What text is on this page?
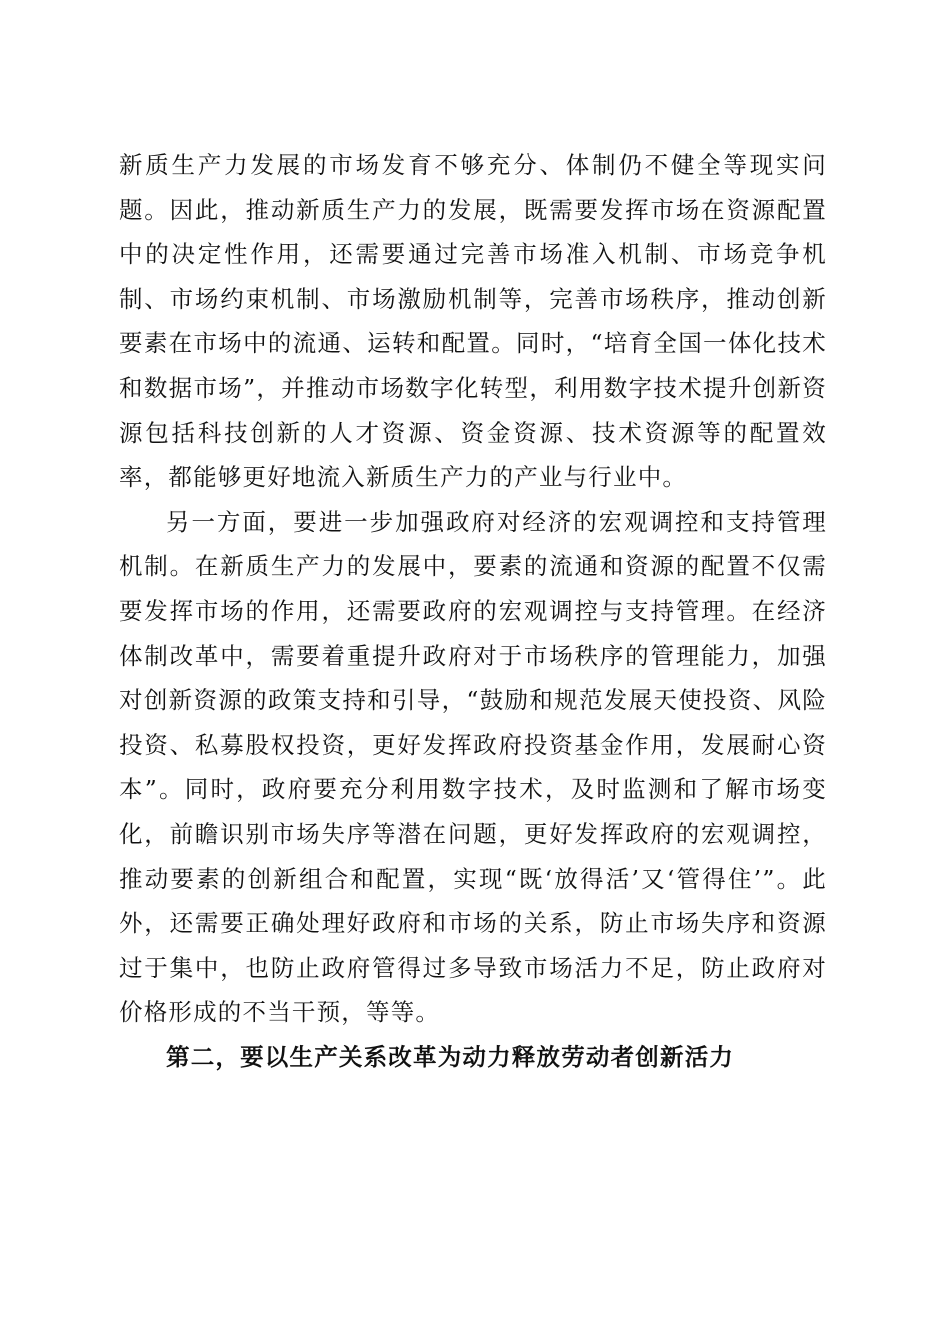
新质生产力发展的市场发育不够充分、体制仍不健全等现实问题。因此，推动新质生产力的发展，既需要发挥市场在资源配置中的决定性作用，还需要通过完善市场准入机制、市场竞争机制、市场约束机制、市场激励机制等，完善市场秩序，推动创新要素在市场中的流通、运转和配置。同时，“培育全国一体化技术和数据市场”，并推动市场数字化转型，利用数字技术提升创新资源包括科技创新的人才资源、资金资源、技术资源等的配置效率，都能够更好地流入新质生产力的产业与行业中。

另一方面，要进一步加强政府对经济的宏观调控和支持管理机制。在新质生产力的发展中，要素的流通和资源的配置不仅需要发挥市场的作用，还需要政府的宏观调控与支持管理。在经济体制改革中，需要着重提升政府对于市场秩序的管理能力，加强对创新资源的政策支持和引导，“鼓励和规范发展天使投资、风险投资、私募股权投资，更好发挥政府投资基金作用，发展耐心资本”。同时，政府要充分利用数字技术，及时监测和了解市场变化，前瞻识别市场失序等潜在问题，更好发挥政府的宏观调控，推动要素的创新组合和配置，实现“既‘放得活’又‘管得住’”。此外，还需要正确处理好政府和市场的关系，防止市场失序和资源过于集中，也防止政府管得过多导致市场活力不足，防止政府对价格形成的不当干预，等等。

第二，要以生产关系改革为动力释放劳动者创新活力
